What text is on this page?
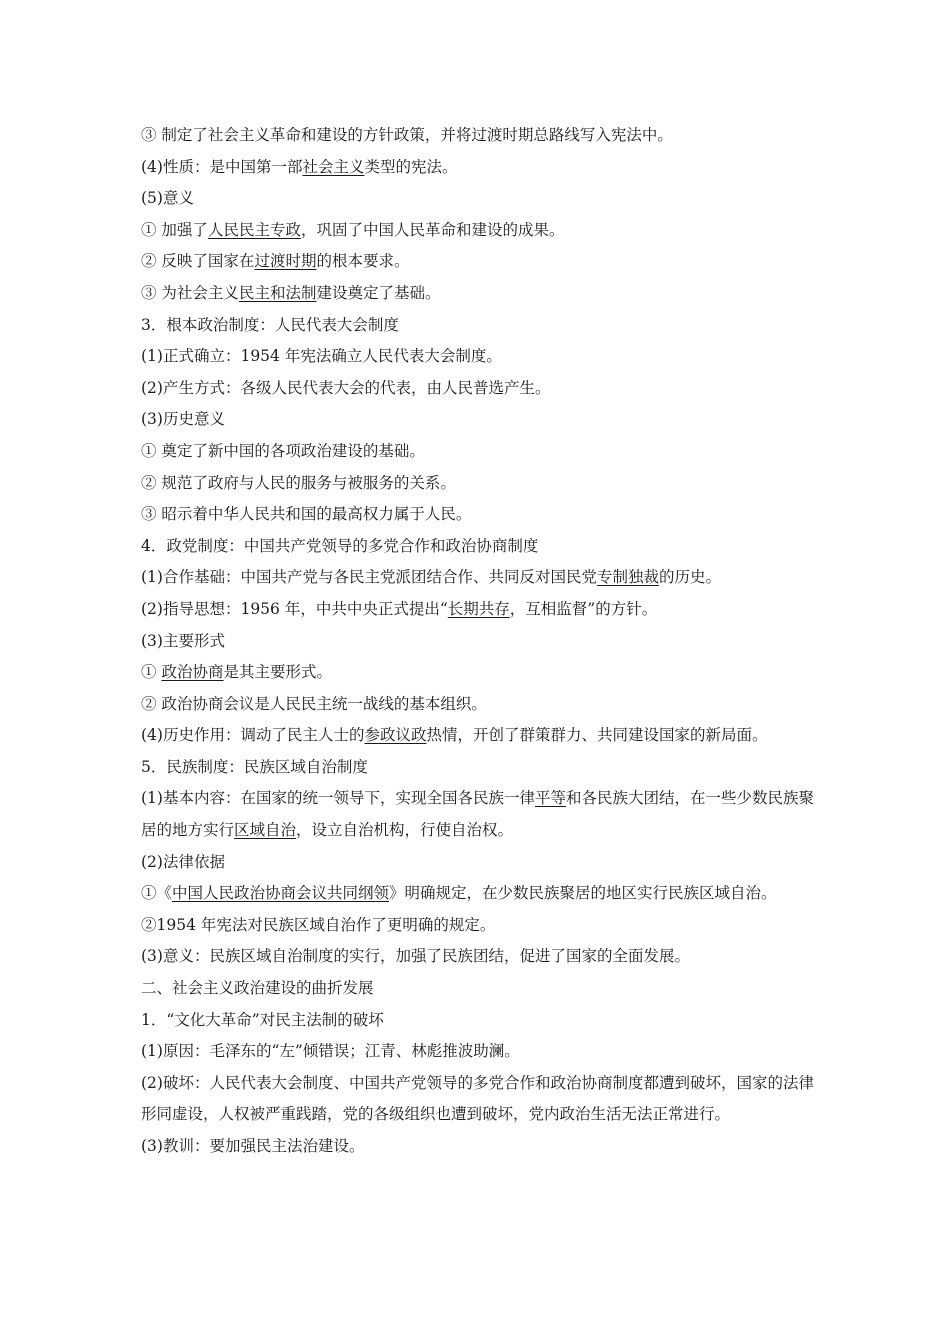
③ 制定了社会主义革命和建设的方针政策，并将过渡时期总路线写入宪法中。
(4)性质：是中国第一部社会主义类型的宪法。
(5)意义
① 加强了人民民主专政，巩固了中国人民革命和建设的成果。
② 反映了国家在过渡时期的根本要求。
③ 为社会主义民主和法制建设奠定了基础。
3．根本政治制度：人民代表大会制度
(1)正式确立：1954 年宪法确立人民代表大会制度。
(2)产生方式：各级人民代表大会的代表，由人民普选产生。
(3)历史意义
① 奠定了新中国的各项政治建设的基础。
② 规范了政府与人民的服务与被服务的关系。
③ 昭示着中华人民共和国的最高权力属于人民。
4．政党制度：中国共产党领导的多党合作和政治协商制度
(1)合作基础：中国共产党与各民主党派团结合作、共同反对国民党专制独裁的历史。
(2)指导思想：1956 年，中共中央正式提出“长期共存，互相监督”的方针。
(3)主要形式
① 政治协商是其主要形式。
② 政治协商会议是人民民主统一战线的基本组织。
(4)历史作用：调动了民主人士的参政议政热情，开创了群策群力、共同建设国家的新局面。
5．民族制度：民族区域自治制度
(1)基本内容：在国家的统一领导下，实现全国各民族一律平等和各民族大团结，在一些少数民族聚居的地方实行区域自治，设立自治机构，行使自治权。
(2)法律依据
①《中国人民政治协商会议共同纲领》明确规定，在少数民族聚居的地区实行民族区域自治。
②1954 年宪法对民族区域自治作了更明确的规定。
(3)意义：民族区域自治制度的实行，加强了民族团结，促进了国家的全面发展。
二、社会主义政治建设的曲折发展
1．“文化大革命”对民主法制的破坏
(1)原因：毛泽东的“左”倾错误；江青、林彪推波助澜。
(2)破坏：人民代表大会制度、中国共产党领导的多党合作和政治协商制度都遭到破坏，国家的法律形同虚设，人权被严重践踏，党的各级组织也遭到破坏，党内政治生活无法正常进行。
(3)教训：要加强民主法治建设。
